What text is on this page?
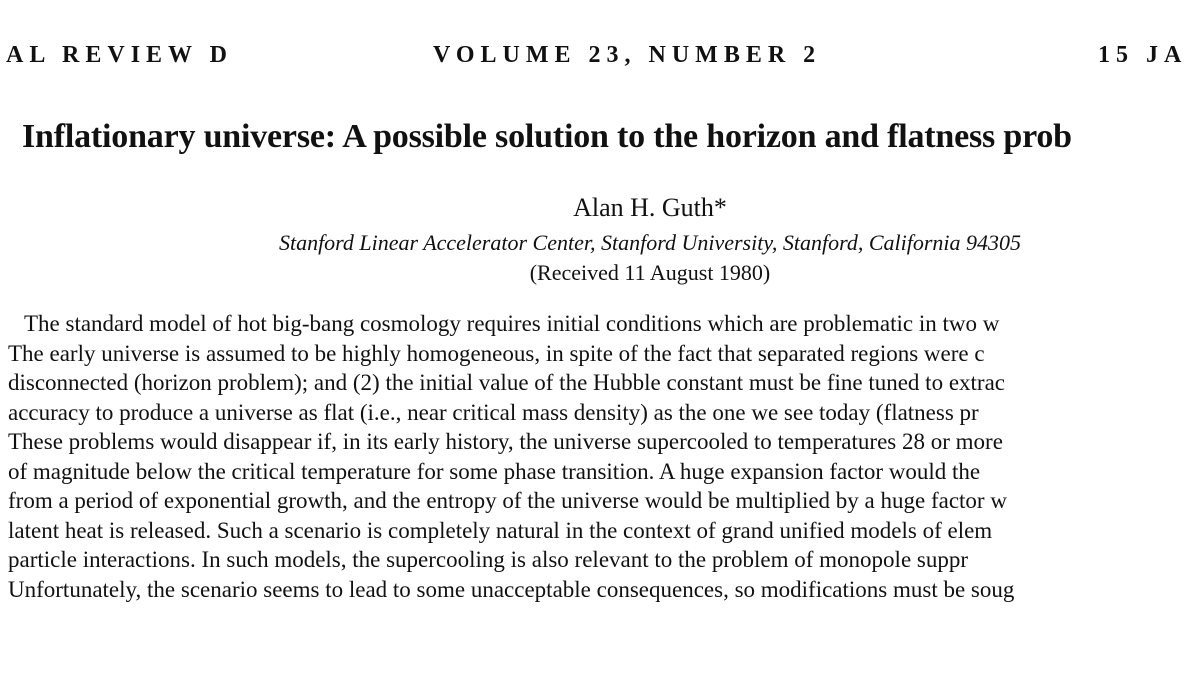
AL REVIEW D	VOLUME 23, NUMBER 2	15 JA
Inflationary universe: A possible solution to the horizon and flatness prob
Alan H. Guth*
Stanford Linear Accelerator Center, Stanford University, Stanford, California 94305
(Received 11 August 1980)
The standard model of hot big-bang cosmology requires initial conditions which are problematic in two w
The early universe is assumed to be highly homogeneous, in spite of the fact that separated regions were c
disconnected (horizon problem); and (2) the initial value of the Hubble constant must be fine tuned to extrac
accuracy to produce a universe as flat (i.e., near critical mass density) as the one we see today (flatness pr
These problems would disappear if, in its early history, the universe supercooled to temperatures 28 or more
of magnitude below the critical temperature for some phase transition. A huge expansion factor would the
from a period of exponential growth, and the entropy of the universe would be multiplied by a huge factor w
latent heat is released. Such a scenario is completely natural in the context of grand unified models of elem
particle interactions. In such models, the supercooling is also relevant to the problem of monopole suppr
Unfortunately, the scenario seems to lead to some unacceptable consequences, so modifications must be soug
